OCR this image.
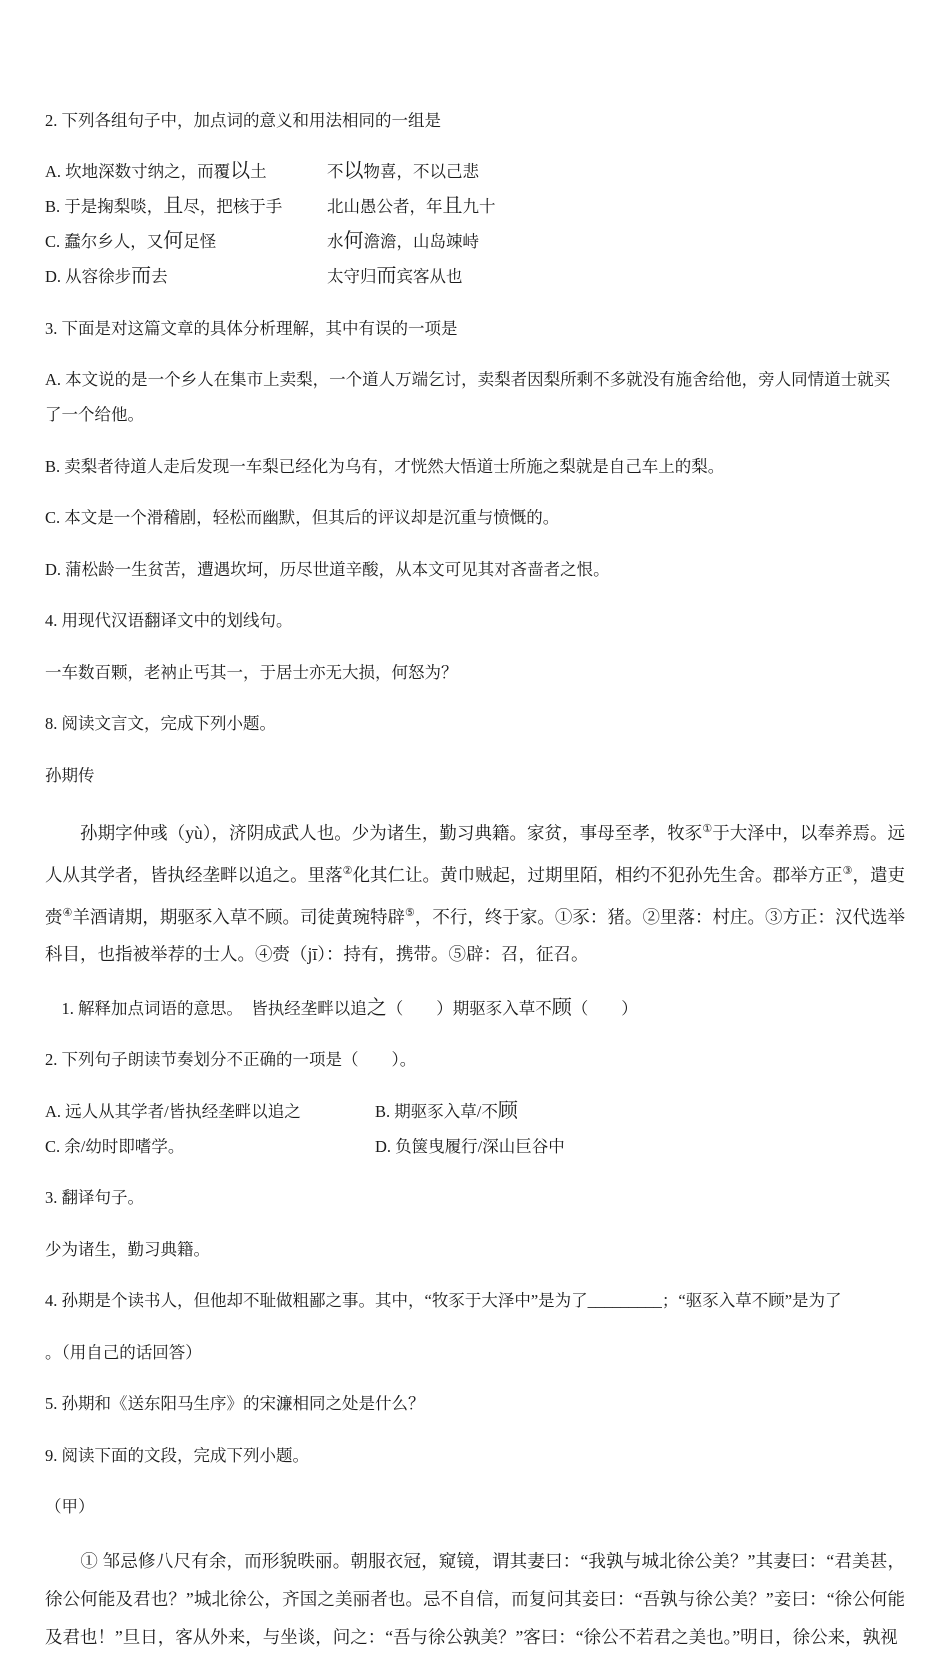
2. 下列各组句子中，加点词的意义和用法相同的一组是

A. 坎地深数寸纳之，而覆以土	不以物喜，不以己悲
B. 于是掬梨啖，且尽，把核于手	北山愚公者，年且九十
C. 蠢尔乡人，又何足怪	水何澹澹，山岛竦峙
D. 从容徐步而去	太守归而宾客从也

3. 下面是对这篇文章的具体分析理解，其中有误的一项是

A. 本文说的是一个乡人在集市上卖梨，一个道人万端乞讨，卖梨者因梨所剩不多就没有施舍给他，旁人同情道士就买了一个给他。

B. 卖梨者待道人走后发现一车梨已经化为乌有，才恍然大悟道士所施之梨就是自己车上的梨。

C. 本文是一个滑稽剧，轻松而幽默，但其后的评议却是沉重与愤慨的。

D. 蒲松龄一生贫苦，遭遇坎坷，历尽世道辛酸，从本文可见其对吝啬者之恨。

4. 用现代汉语翻译文中的划线句。

一车数百颗，老衲止丐其一，于居士亦无大损，何怒为？

8. 阅读文言文，完成下列小题。

孙期传

　　孙期字仲彧（yù），济阴成武人也。少为诸生，勤习典籍。家贫，事母至孝，牧豕①于大泽中，以奉养焉。远人从其学者，皆执经垄畔以追之。里落②化其仁让。黄巾贼起，过期里陌，相约不犯孙先生舍。郡举方正③，遣吏赍④羊酒请期，期驱豕入草不顾。司徒黄琬特辟⑤，不行，终于家。①豕：猪。②里落：村庄。③方正：汉代选举科目，也指被举荐的士人。④赍（jī）：持有，携带。⑤辟：召，征召。

　1. 解释加点词语的意思。　皆执经垄畔以追之（　　）期驱豕入草不顾（　　）

2. 下列句子朗读节奏划分不正确的一项是（　　）。

A. 远人从其学者/皆执经垄畔以追之	B. 期驱豕入草/不顾
C. 余/幼时即嗜学。	D. 负箧曳履行/深山巨谷中

3. 翻译句子。

少为诸生，勤习典籍。

4. 孙期是个读书人，但他却不耻做粗鄙之事。其中，“牧豕于大泽中”是为了_________；“驱豕入草不顾”是为了

。（用自己的话回答）

5. 孙期和《送东阳马生序》的宋濂相同之处是什么？

9. 阅读下面的文段，完成下列小题。

（甲）

　　① 邹忌修八尺有余，而形貌昳丽。朝服衣冠，窥镜，谓其妻曰：“我孰与城北徐公美？”其妻曰：“君美甚，徐公何能及君也？”城北徐公，齐国之美丽者也。忌不自信，而复问其妾曰：“吾孰与徐公美？”妾曰：“徐公何能及君也！”旦日，客从外来，与坐谈，问之：“吾与徐公孰美？”客曰：“徐公不若君之美也。”明日，徐公来，孰视
